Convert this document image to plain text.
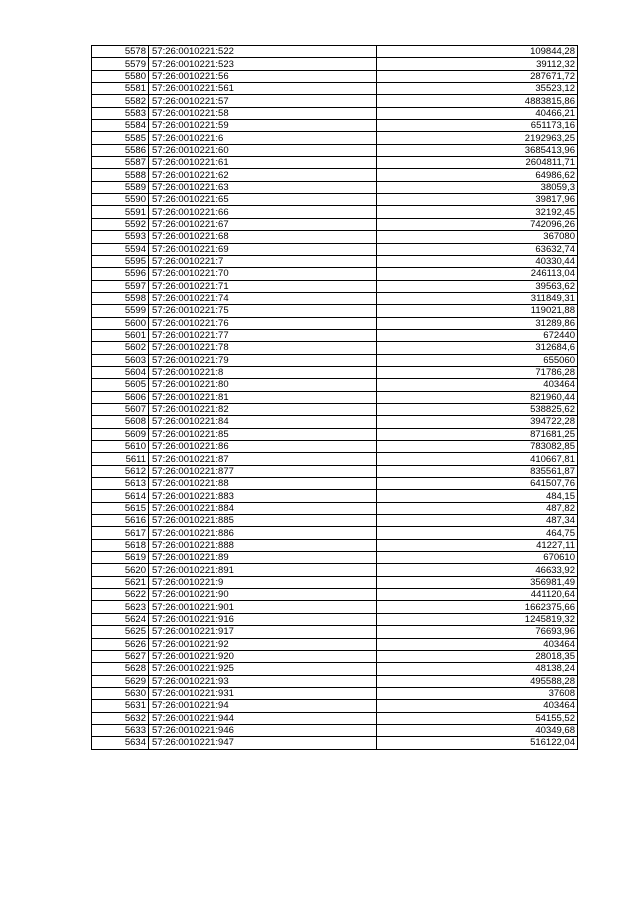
5578	57:26:0010221:522	109844,28
5579	57:26:0010221:523	39112,32
5580	57:26:0010221:56	287671,72
5581	57:26:0010221:561	35523,12
5582	57:26:0010221:57	4883815,86
5583	57:26:0010221:58	40466,21
5584	57:26:0010221:59	651173,16
5585	57:26:0010221:6	2192963,25
5586	57:26:0010221:60	3685413,96
5587	57:26:0010221:61	2604811,71
5588	57:26:0010221:62	64986,62
5589	57:26:0010221:63	38059,3
5590	57:26:0010221:65	39817,96
5591	57:26:0010221:66	32192,45
5592	57:26:0010221:67	742096,26
5593	57:26:0010221:68	367080
5594	57:26:0010221:69	63632,74
5595	57:26:0010221:7	40330,44
5596	57:26:0010221:70	246113,04
5597	57:26:0010221:71	39563,62
5598	57:26:0010221:74	311849,31
5599	57:26:0010221:75	119021,88
5600	57:26:0010221:76	31289,86
5601	57:26:0010221:77	672440
5602	57:26:0010221:78	312684,6
5603	57:26:0010221:79	655060
5604	57:26:0010221:8	71786,28
5605	57:26:0010221:80	403464
5606	57:26:0010221:81	821960,44
5607	57:26:0010221:82	538825,62
5608	57:26:0010221:84	394722,28
5609	57:26:0010221:85	871681,25
5610	57:26:0010221:86	783082,85
5611	57:26:0010221:87	410667,81
5612	57:26:0010221:877	835561,87
5613	57:26:0010221:88	641507,76
5614	57:26:0010221:883	484,15
5615	57:26:0010221:884	487,82
5616	57:26:0010221:885	487,34
5617	57:26:0010221:886	464,75
5618	57:26:0010221:888	41227,11
5619	57:26:0010221:89	670610
5620	57:26:0010221:891	46633,92
5621	57:26:0010221:9	356981,49
5622	57:26:0010221:90	441120,64
5623	57:26:0010221:901	1662375,66
5624	57:26:0010221:916	1245819,32
5625	57:26:0010221:917	76693,96
5626	57:26:0010221:92	403464
5627	57:26:0010221:920	28018,35
5628	57:26:0010221:925	48138,24
5629	57:26:0010221:93	495588,28
5630	57:26:0010221:931	37608
5631	57:26:0010221:94	403464
5632	57:26:0010221:944	54155,52
5633	57:26:0010221:946	40349,68
5634	57:26:0010221:947	516122,04
